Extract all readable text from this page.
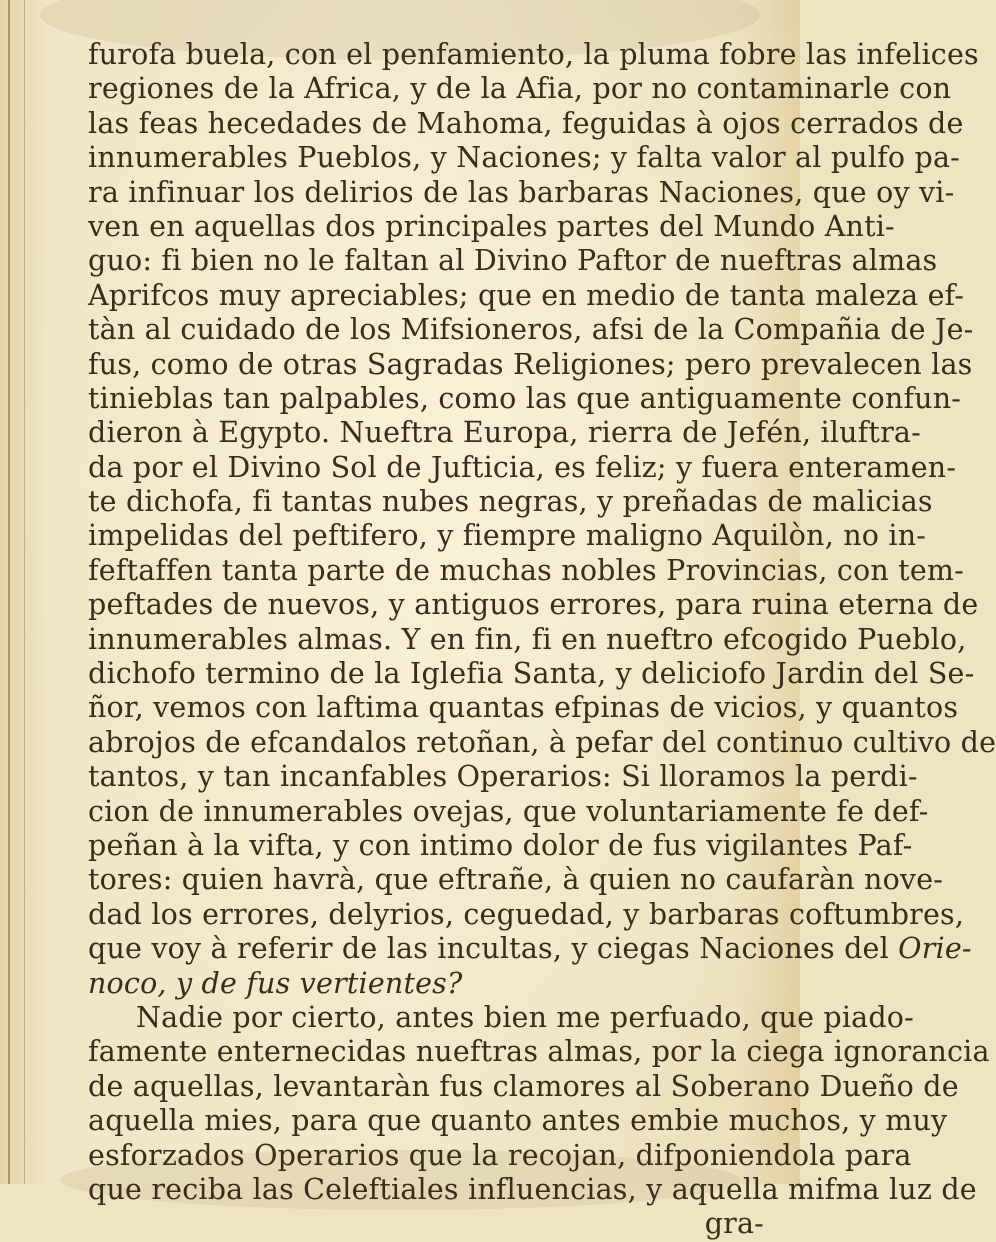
furofa buela, con el penfamiento, la pluma fobre las infelices
regiones de la Africa, y de la Afia, por no contaminarle con
las feas hecedades de Mahoma, feguidas à ojos cerrados de
innumerables Pueblos, y Naciones; y falta valor al pulfo pa-
ra infinuar los delirios de las barbaras Naciones, que oy vi-
ven en aquellas dos principales partes del Mundo Anti-
guo: fi bien no le faltan al Divino Paftor de nueftras almas
Aprifcos muy apreciables; que en medio de tanta maleza ef-
tàn al cuidado de los Mifsioneros, afsi de la Compañia de Je-
fus, como de otras Sagradas Religiones; pero prevalecen las
tinieblas tan palpables, como las que antiguamente confun-
dieron à Egypto. Nueftra Europa, rierra de Jefén, iluftra-
da por el Divino Sol de Jufticia, es feliz; y fuera enteramen-
te dichofa, fi tantas nubes negras, y preñadas de malicias
impelidas del peftifero, y fiempre maligno Aquilòn, no in-
feftaffen tanta parte de muchas nobles Provincias, con tem-
peftades de nuevos, y antiguos errores, para ruina eterna de
innumerables almas. Y en fin, fi en nueftro efcogido Pueblo,
dichofo termino de la Iglefia Santa, y deliciofo Jardin del Se-
ñor, vemos con laftima quantas efpinas de vicios, y quantos
abrojos de efcandalos retoñan, à pefar del continuo cultivo de
tantos, y tan incanfables Operarios: Si lloramos la perdi-
cion de innumerables ovejas, que voluntariamente fe def-
peñan à la vifta, y con intimo dolor de fus vigilantes Paf-
tores: quien havrà, que eftrañe, à quien no caufaràn nove-
dad los errores, delyrios, ceguedad, y barbaras coftumbres,
que voy à referir de las incultas, y ciegas Naciones del Orie-
noco, y de fus vertientes?
Nadie por cierto, antes bien me perfuado, que piado-
famente enternecidas nueftras almas, por la ciega ignorancia
de aquellas, levantaràn fus clamores al Soberano Dueño de
aquella mies, para que quanto antes embie muchos, y muy
esforzados Operarios que la recojan, difponiendola para
que reciba las Celeftiales influencias, y aquella mifma luz de
gra-
